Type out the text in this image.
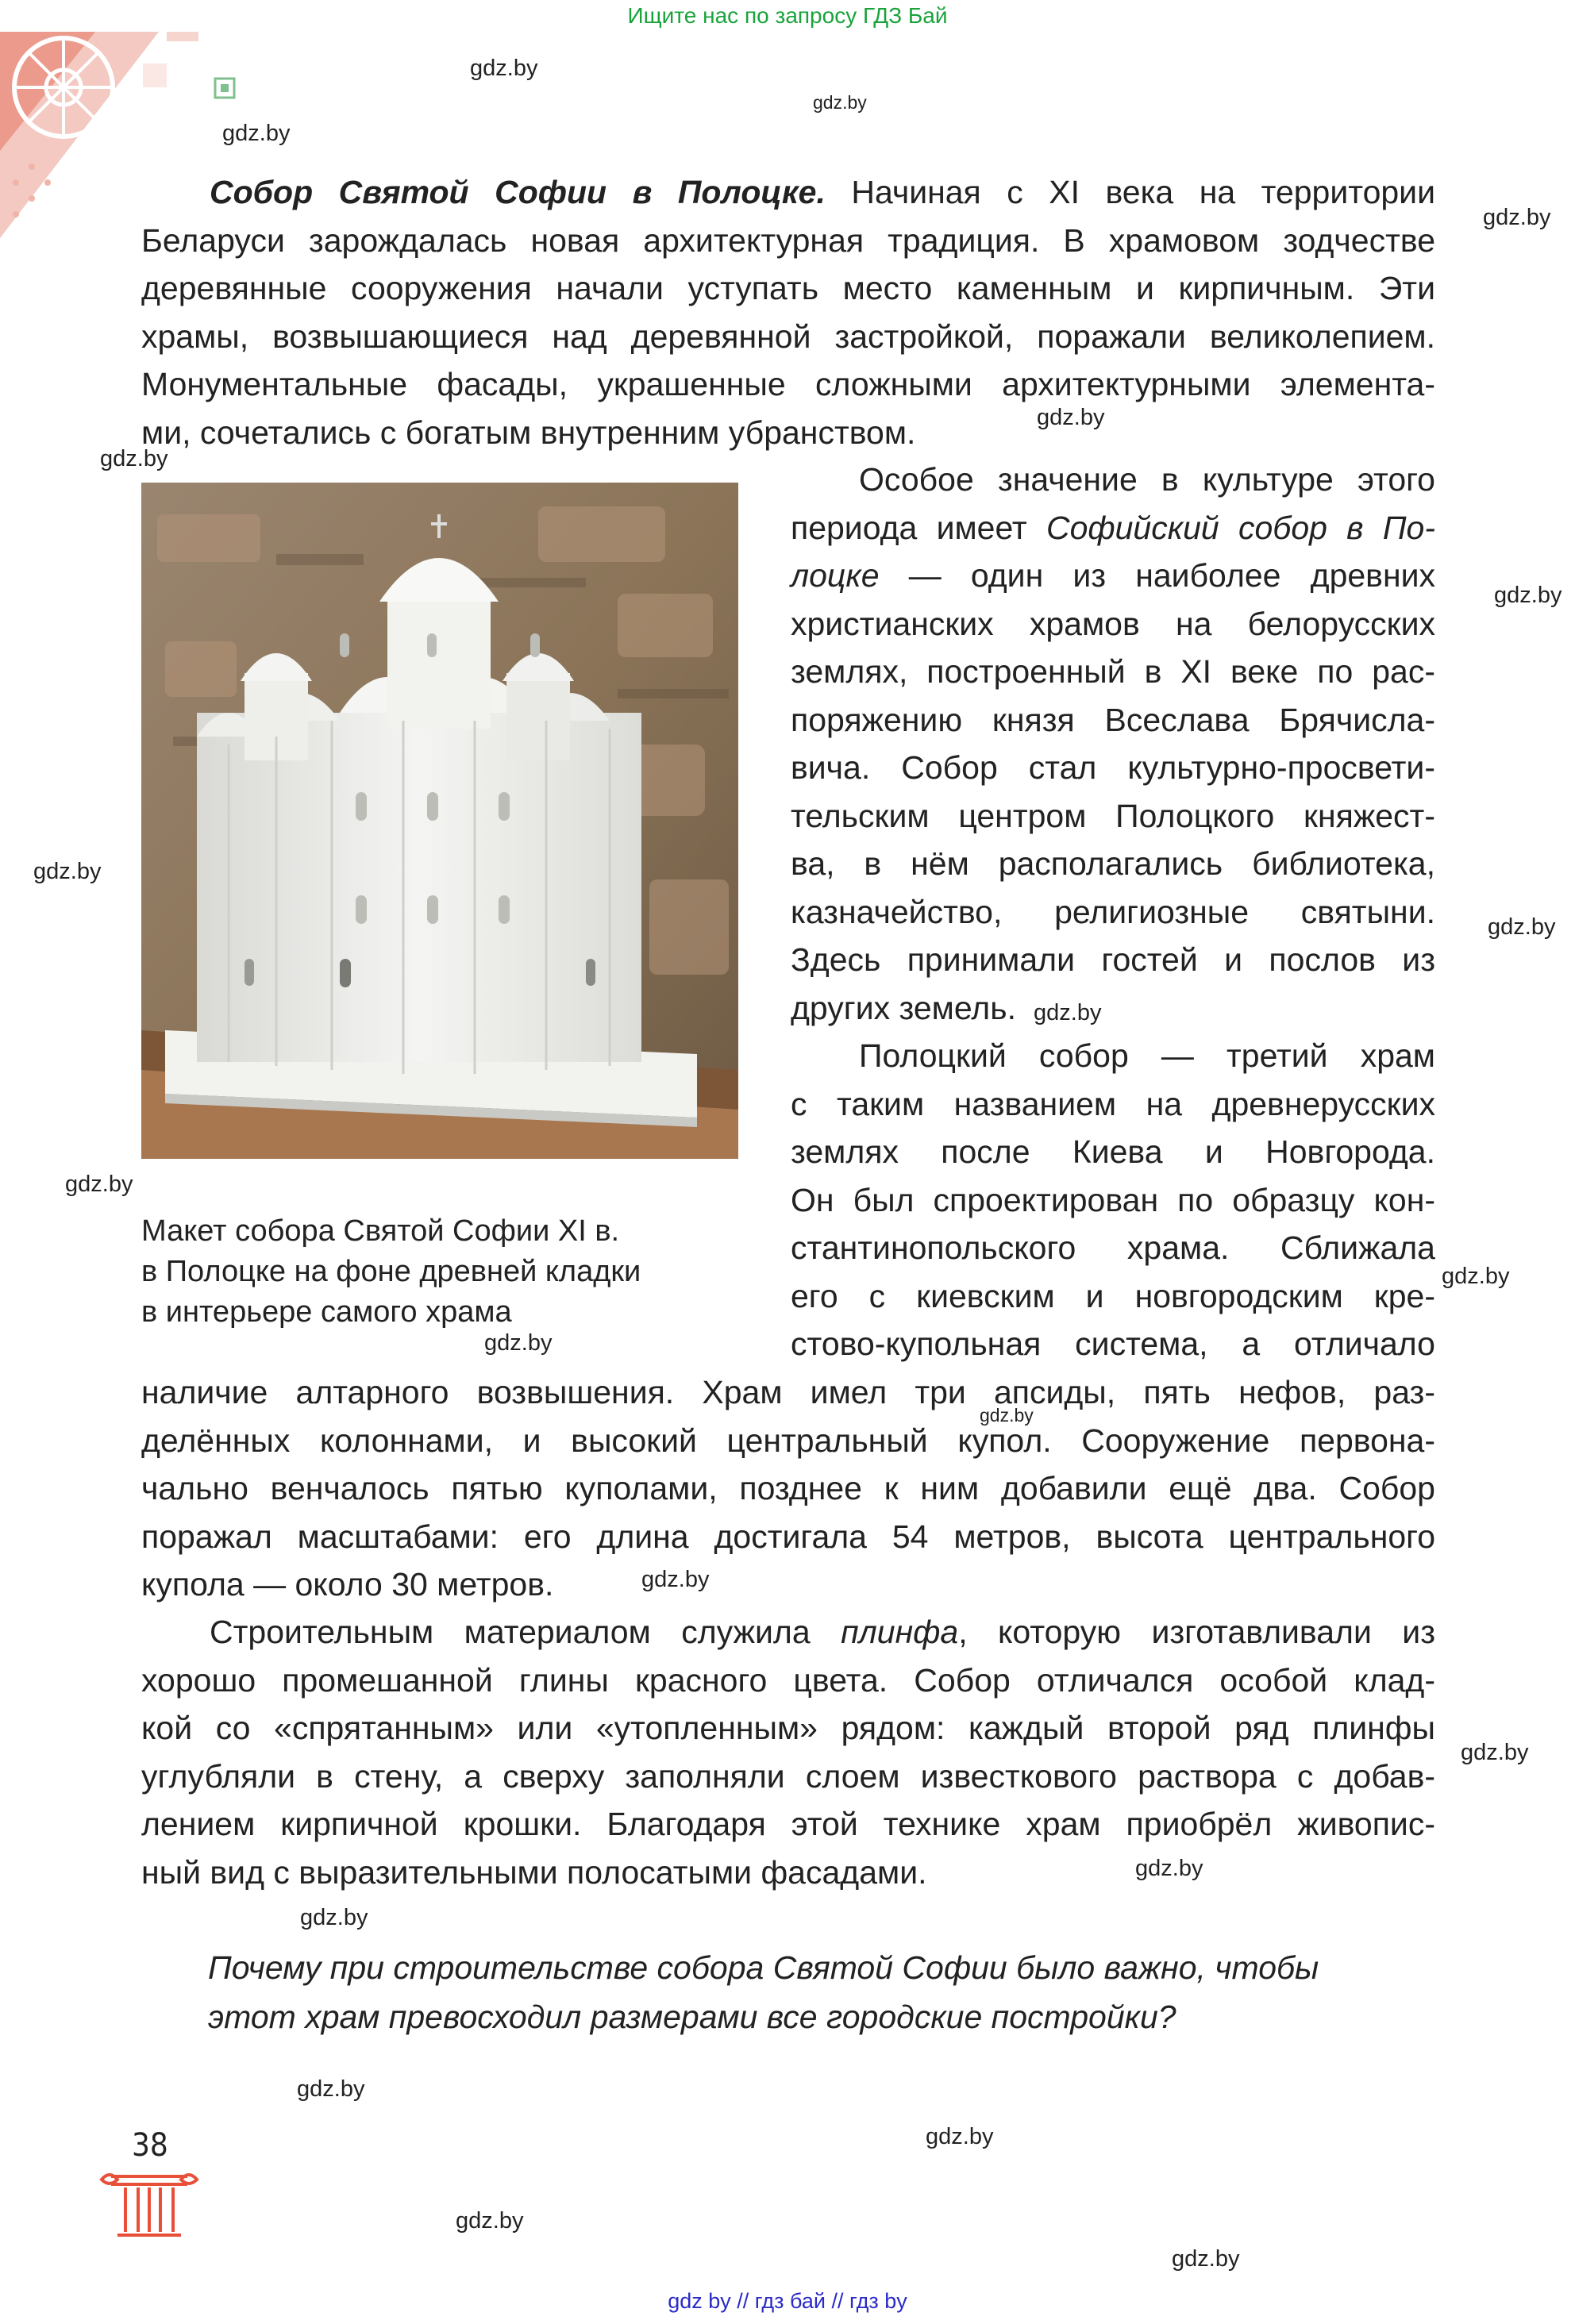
Ищите нас по запросу ГДЗ Бай
gdz.by
gdz.by
gdz.by
gdz.by
gdz.by
gdz.by
gdz.by
gdz.by
gdz.by
gdz.by
gdz.by
gdz.by
gdz.by
gdz.by
gdz.by
gdz.by
gdz.by
gdz.by
gdz.by
gdz.by
gdz.by
gdz.by
Собор Святой Софии в Полоцке. Начиная с XI века на территории
Беларуси зарождалась новая архитектурная традиция. В храмовом зодчестве
деревянные сооружения начали уступать место каменным и кирпичным. Эти
храмы, возвышающиеся над деревянной застройкой, поражали великолепием.
Монументальные фасады, украшенные сложными архитектурными элемента-
ми, сочетались с богатым внутренним убранством.
Макет собора Святой Софии XI в.
в Полоцке на фоне древней кладки
в интерьере самого храма
Особое значение в культуре этого
периода имеет Софийский собор в По-
лоцке — один из наиболее древних
христианских храмов на белорусских
землях, построенный в XI веке по рас-
поряжению князя Всеслава Брячисла-
вича. Собор стал культурно-просвети-
тельским центром Полоцкого княжест-
ва, в нём располагались библиотека,
казначейство, религиозные святыни.
Здесь принимали гостей и послов из
других земель.
Полоцкий собор — третий храм
с таким названием на древнерусских
землях после Киева и Новгорода.
Он был спроектирован по образцу кон-
стантинопольского храма. Сближала
его с киевским и новгородским кре-
стово-купольная система, а отличало
наличие алтарного возвышения. Храм имел три апсиды, пять нефов, раз-
делённых колоннами, и высокий центральный купол. Сооружение первона-
чально венчалось пятью куполами, позднее к ним добавили ещё два. Собор
поражал масштабами: его длина достигала 54 метров, высота центрального
купола — около 30 метров.
Строительным материалом служила плинфа, которую изготавливали из
хорошо промешанной глины красного цвета. Собор отличался особой клад-
кой со «спрятанным» или «утопленным» рядом: каждый второй ряд плинфы
углубляли в стену, а сверху заполняли слоем известкового раствора с добав-
лением кирпичной крошки. Благодаря этой технике храм приобрёл живопис-
ный вид с выразительными полосатыми фасадами.
Почему при строительстве собора Святой Софии было важно, чтобы
этот храм превосходил размерами все городские постройки?
38
gdz by // гдз бай // гдз by
